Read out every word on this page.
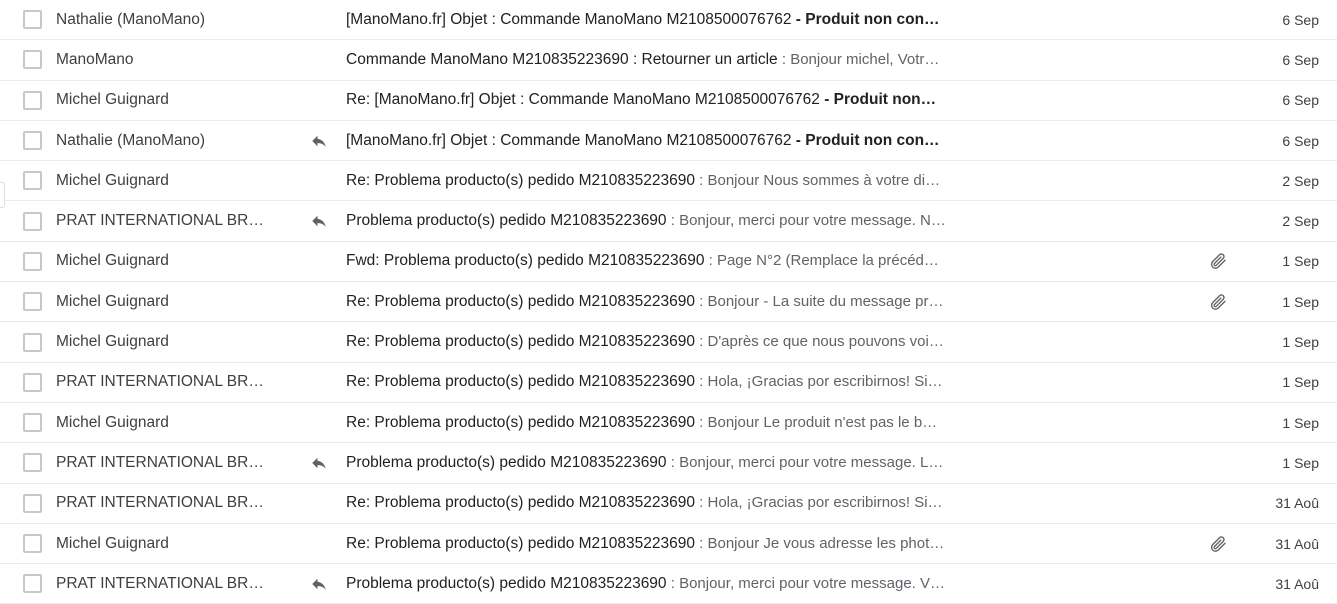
Nathalie (ManoMano)	[ManoMano.fr] Objet : Commande ManoMano M2108500076762 - Produit non con…	6 Sep
ManoMano	Commande ManoMano M210835223690 : Retourner un article : Bonjour michel, Votr…	6 Sep
Michel Guignard	Re: [ManoMano.fr] Objet : Commande ManoMano M2108500076762 - Produit non…	6 Sep
Nathalie (ManoMano)	[ManoMano.fr] Objet : Commande ManoMano M2108500076762 - Produit non con…	6 Sep
Michel Guignard	Re: Problema producto(s) pedido M210835223690 : Bonjour Nous sommes à votre di…	2 Sep
PRAT INTERNATIONAL BR…	Problema producto(s) pedido M210835223690 : Bonjour, merci pour votre message. N…	2 Sep
Michel Guignard	Fwd: Problema producto(s) pedido M210835223690 : Page N°2 (Remplace la précéd…	1 Sep
Michel Guignard	Re: Problema producto(s) pedido M210835223690 : Bonjour - La suite du message pr…	1 Sep
Michel Guignard	Re: Problema producto(s) pedido M210835223690 : D'après ce que nous pouvons voi…	1 Sep
PRAT INTERNATIONAL BR…	Re: Problema producto(s) pedido M210835223690 : Hola, ¡Gracias por escribirnos! Si…	1 Sep
Michel Guignard	Re: Problema producto(s) pedido M210835223690 : Bonjour Le produit n'est pas le b…	1 Sep
PRAT INTERNATIONAL BR…	Problema producto(s) pedido M210835223690 : Bonjour, merci pour votre message. L…	1 Sep
PRAT INTERNATIONAL BR…	Re: Problema producto(s) pedido M210835223690 : Hola, ¡Gracias por escribirnos! Si…	31 Aoû
Michel Guignard	Re: Problema producto(s) pedido M210835223690 : Bonjour Je vous adresse les phot…	31 Aoû
PRAT INTERNATIONAL BR…	Problema producto(s) pedido M210835223690 : Bonjour, merci pour votre message. V…	31 Aoû
